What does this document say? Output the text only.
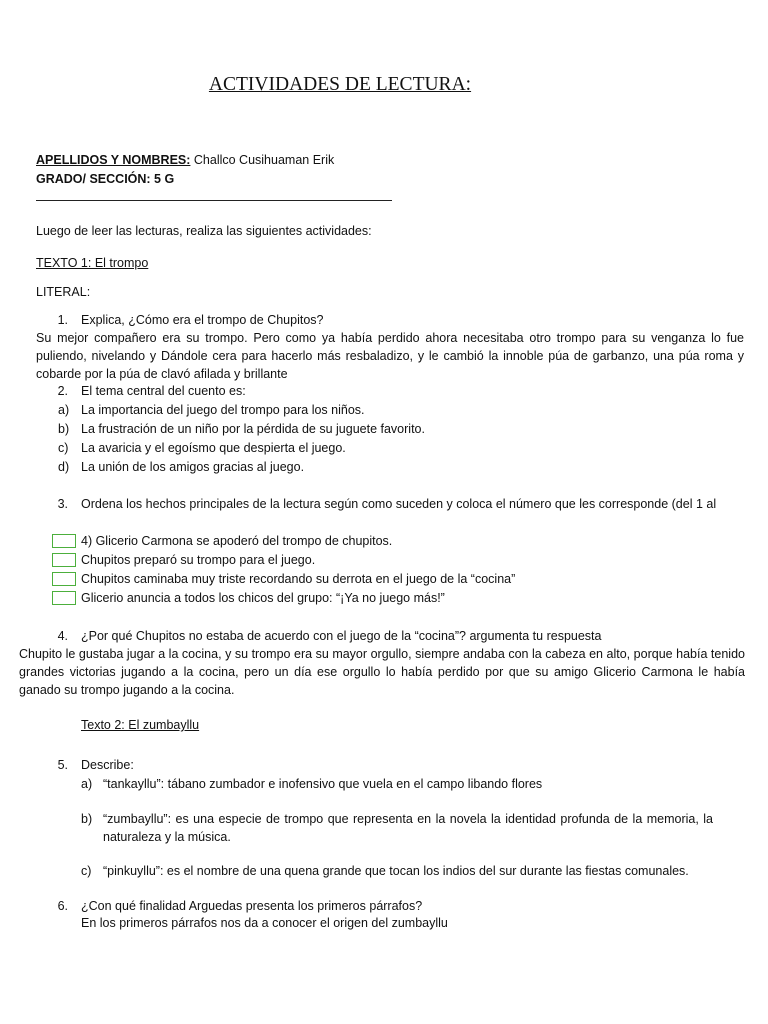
ACTIVIDADES DE LECTURA:
APELLIDOS Y NOMBRES: Challco Cusihuaman Erik
GRADO/ SECCIÓN: 5 G
Luego de leer las lecturas, realiza las siguientes actividades:
TEXTO 1: El trompo
LITERAL:
1. Explica, ¿Cómo era el trompo de Chupitos?
Su mejor compañero era su trompo. Pero como ya había perdido ahora necesitaba otro trompo para su venganza lo fue puliendo, nivelando y Dándole cera para hacerlo más resbaladizo, y le cambió la innoble púa de garbanzo, una púa roma y cobarde por la púa de clavó afilada y brillante
2. El tema central del cuento es:
a) La importancia del juego del trompo para los niños.
b) La frustración de un niño por la pérdida de su juguete favorito.
c) La avaricia y el egoísmo que despierta el juego.
d) La unión de los amigos gracias al juego.
3. Ordena los hechos principales de la lectura según como suceden y coloca el número que les corresponde (del 1 al
4) Glicerio Carmona se apoderó del trompo de chupitos.
Chupitos preparó su trompo para el juego.
Chupitos caminaba muy triste recordando su derrota en el juego de la “cocina”
Glicerio anuncia a todos los chicos del grupo: “¡Ya no juego más!”
4. ¿Por qué Chupitos no estaba de acuerdo con el juego de la “cocina”? argumenta tu respuesta
Chupito le gustaba jugar a la cocina, y su trompo era su mayor orgullo, siempre andaba con la cabeza en alto, porque había tenido grandes victorias jugando a la cocina, pero un día ese orgullo lo había perdido por que su amigo Glicerio Carmona le había ganado su trompo jugando a la cocina.
Texto 2: El zumbayllu
5. Describe:
a) “tankayllu”: tábano zumbador e inofensivo que vuela en el campo libando flores
b) “zumbayllu”: es una especie de trompo que representa en la novela la identidad profunda de la memoria, la naturaleza y la música.
c) “pinkuyllu”: es el nombre de una quena grande que tocan los indios del sur durante las fiestas comunales.
6. ¿Con qué finalidad Arguedas presenta los primeros párrafos?
En los primeros párrafos nos da a conocer el origen del zumbayllu
